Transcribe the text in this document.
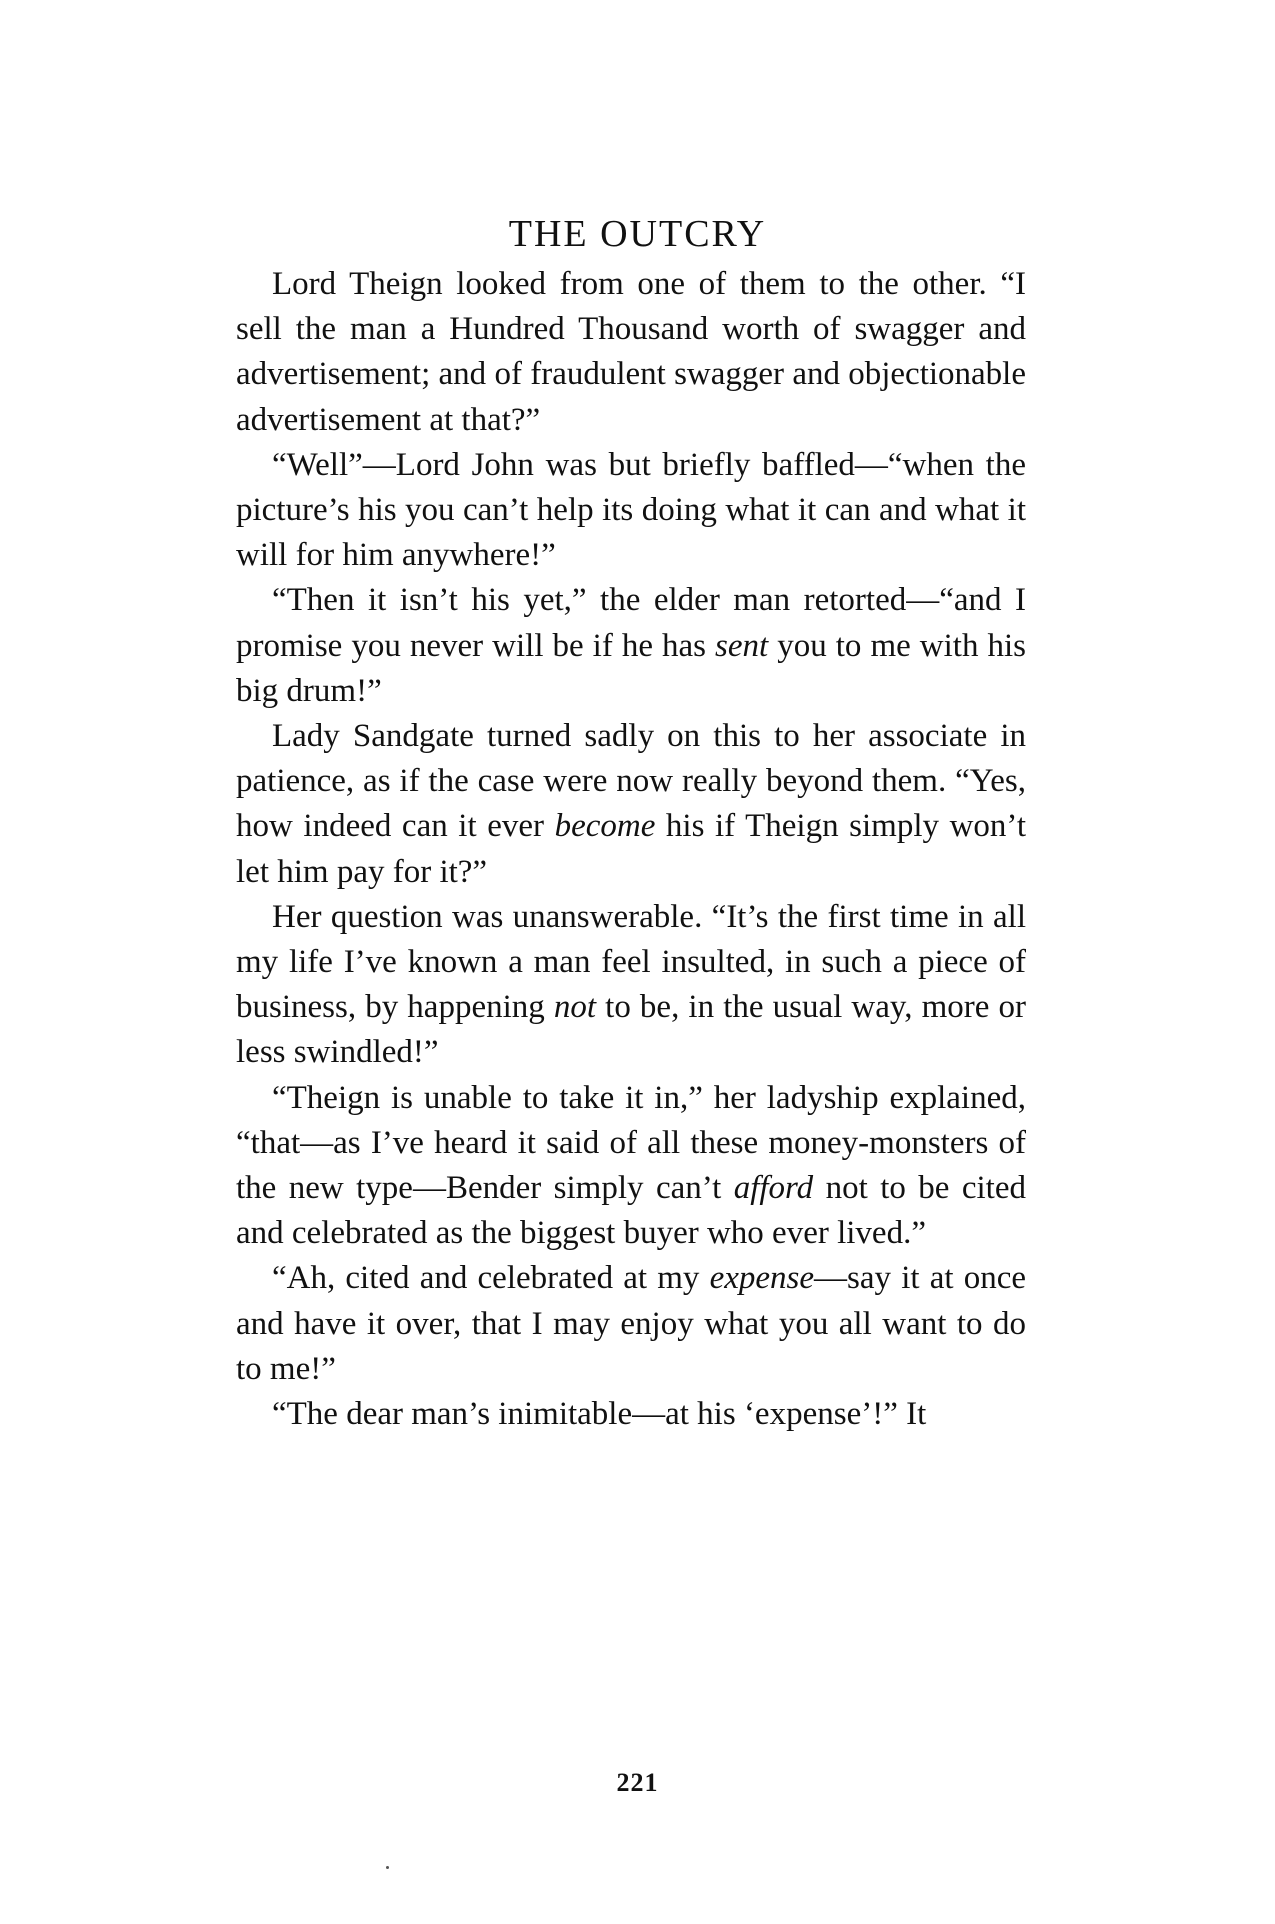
THE OUTCRY

Lord Theign looked from one of them to the other. “I sell the man a Hundred Thousand worth of swagger and advertisement; and of fraudulent swagger and objectionable advertisement at that?”

“Well”—Lord John was but briefly baffled—“when the picture’s his you can’t help its doing what it can and what it will for him anywhere!”

“Then it isn’t his yet,” the elder man retorted—“and I promise you never will be if he has sent you to me with his big drum!”

Lady Sandgate turned sadly on this to her associate in patience, as if the case were now really beyond them. “Yes, how indeed can it ever become his if Theign simply won’t let him pay for it?”

Her question was unanswerable. “It’s the first time in all my life I’ve known a man feel insulted, in such a piece of business, by happening not to be, in the usual way, more or less swindled!”

“Theign is unable to take it in,” her ladyship explained, “that—as I’ve heard it said of all these money-monsters of the new type—Bender simply can’t afford not to be cited and celebrated as the biggest buyer who ever lived.”

“Ah, cited and celebrated at my expense—say it at once and have it over, that I may enjoy what you all want to do to me!”

“The dear man’s inimitable—at his ‘expense’!” It

221
